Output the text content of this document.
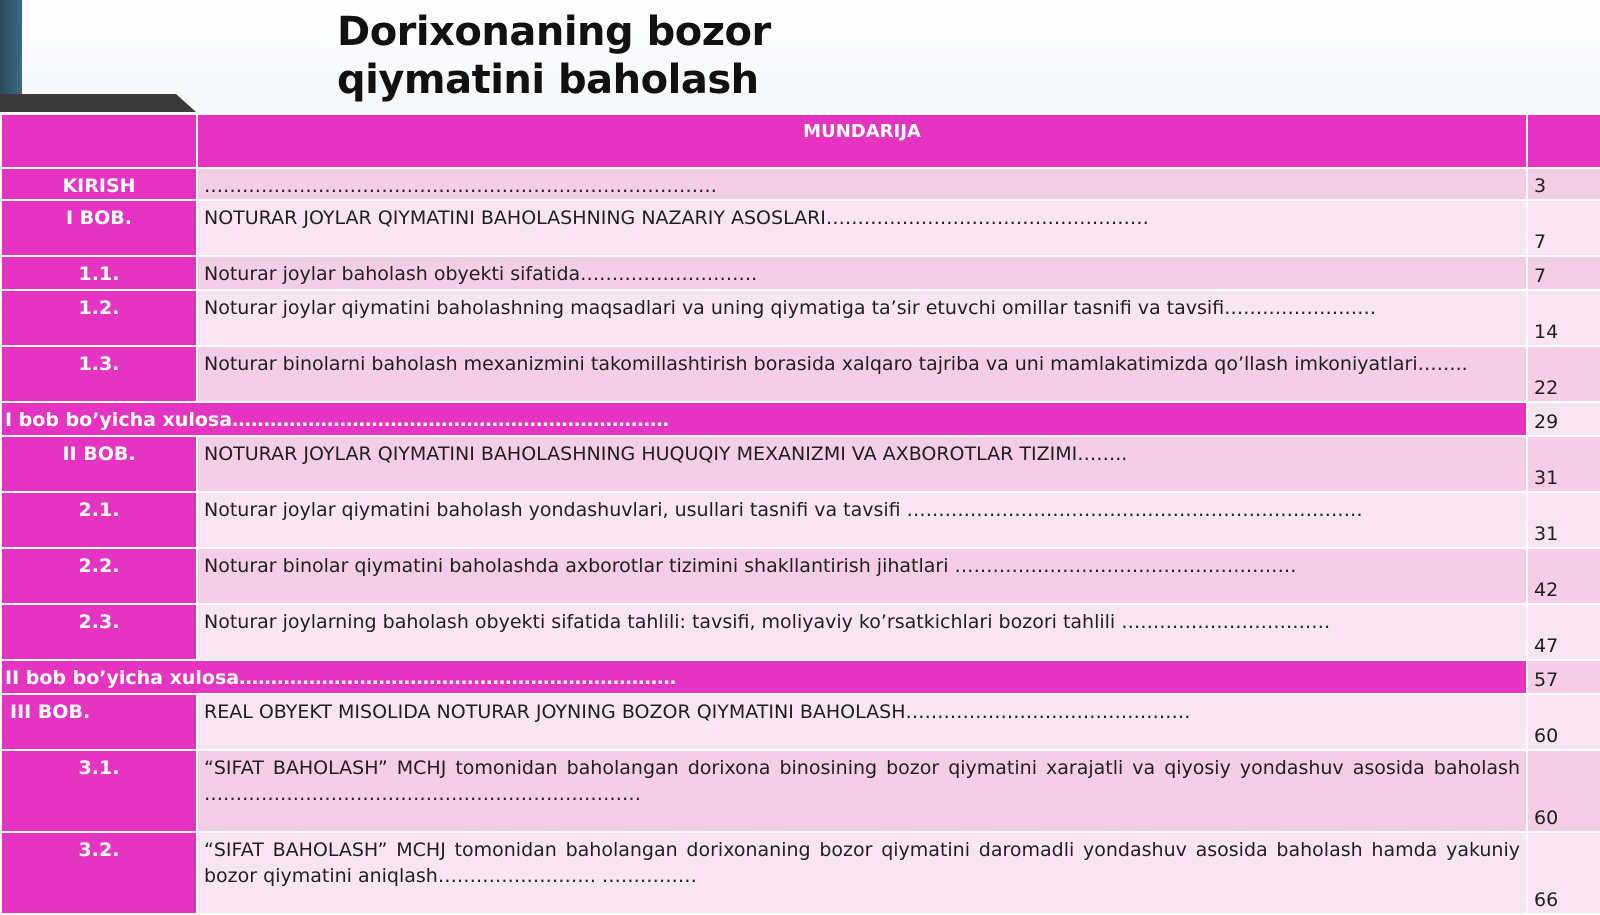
Dorixonaning bozor qiymatini baholash
	MUNDARIJA	
KIRISH	………………………………………………………………………	3
I BOB.	NOTURAR JOYLAR QIYMATINI BAHOLASHNING NAZARIY ASOSLARI……………………………………………	7
1.1.	Noturar joylar baholash obyekti sifatida……………………….	7
1.2.	Noturar joylar qiymatini baholashning maqsadlari va uning qiymatiga ta’sir etuvchi omillar tasnifi va tavsifi……………………	14
1.3.	Noturar binolarni baholash mexanizmini takomillashtirish borasida xalqaro tajriba va uni mamlakatimizda qo’llash imkoniyatlari……..	22
I bob bo’yicha xulosa……………………………………………………………		29
II BOB.	NOTURAR JOYLAR QIYMATINI BAHOLASHNING HUQUQIY MEXANIZMI VA AXBOROTLAR TIZIMI……..	31
2.1.	Noturar joylar qiymatini baholash yondashuvlari, usullari tasnifi va tavsifi ………………………………………………………………	31
2.2.	Noturar binolar qiymatini baholashda axborotlar tizimini shakllantirish jihatlari ………………………………………………	42
2.3.	Noturar joylarning baholash obyekti sifatida tahlili: tavsifi, moliyaviy ko’rsatkichlari bozori tahlili ……………………………	47
II bob bo’yicha xulosa……………………………………………………………		57
III BOB.	REAL OBYEKT MISOLIDA NOTURAR JOYNING BOZOR QIYMATINI BAHOLASH………………………………………	60
3.1.	“SIFAT BAHOLASH” MCHJ tomonidan baholangan dorixona binosining bozor qiymatini xarajatli va qiyosiy yondashuv asosida baholash ……………………………………………………………	60
3.2.	“SIFAT BAHOLASH” MCHJ tomonidan baholangan dorixonaning bozor qiymatini daromadli yondashuv asosida baholash hamda yakuniy bozor qiymatini aniqlash……………………. ……………	66
